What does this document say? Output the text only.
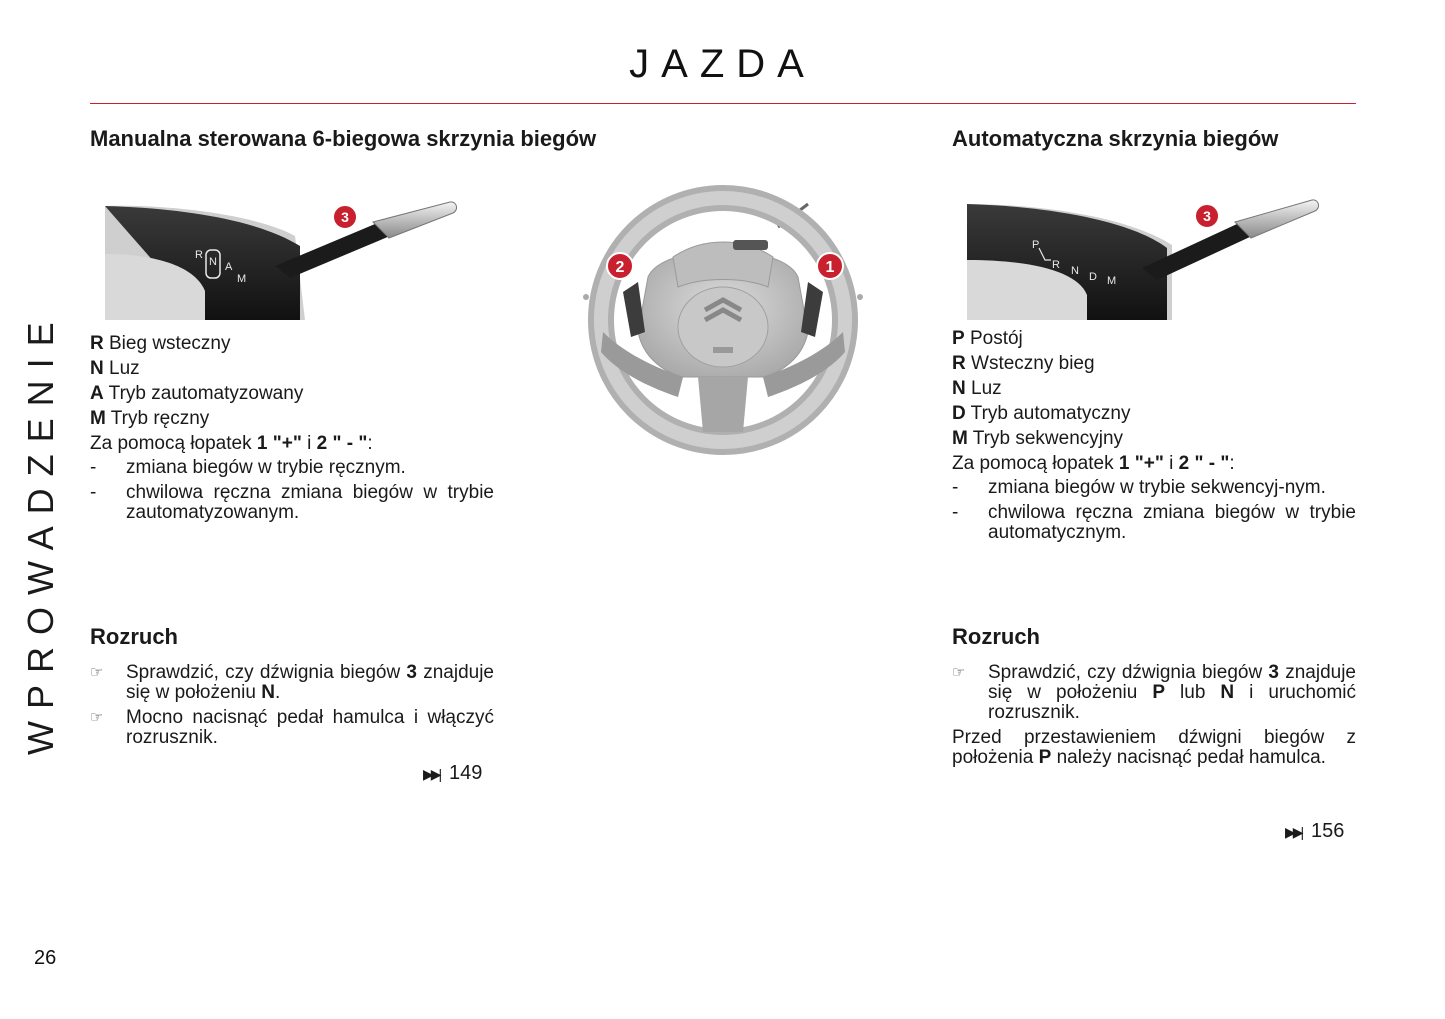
JAZDA
WPROWADZENIE
26
Manualna sterowana 6-biegowa skrzynia biegów
R
N A
M
3
R Bieg wsteczny
N Luz
A Tryb zautomatyzowany
M Tryb ręczny
Za pomocą łopatek 1 "+" i 2 " - ":
- zmiana biegów w trybie ręcznym.
- chwilowa ręczna zmiana biegów w trybie zautomatyzowanym.
Rozruch
☞ Sprawdzić, czy dźwignia biegów 3 znajduje się w położeniu N.
☞ Mocno nacisnąć pedał hamulca i włączyć rozrusznik.
▶▶| 149
2	1
Automatyczna skrzynia biegów
P
R N D M
3
P Postój
R Wsteczny bieg
N Luz
D Tryb automatyczny
M Tryb sekwencyjny
Za pomocą łopatek 1 "+" i 2 " - ":
- zmiana biegów w trybie sekwencyj-nym.
- chwilowa ręczna zmiana biegów w trybie automatycznym.
Rozruch
☞ Sprawdzić, czy dźwignia biegów 3 znajduje się w położeniu P lub N i uruchomić rozrusznik.
Przed przestawieniem dźwigni biegów z położenia P należy nacisnąć pedał hamulca.
▶▶| 156
